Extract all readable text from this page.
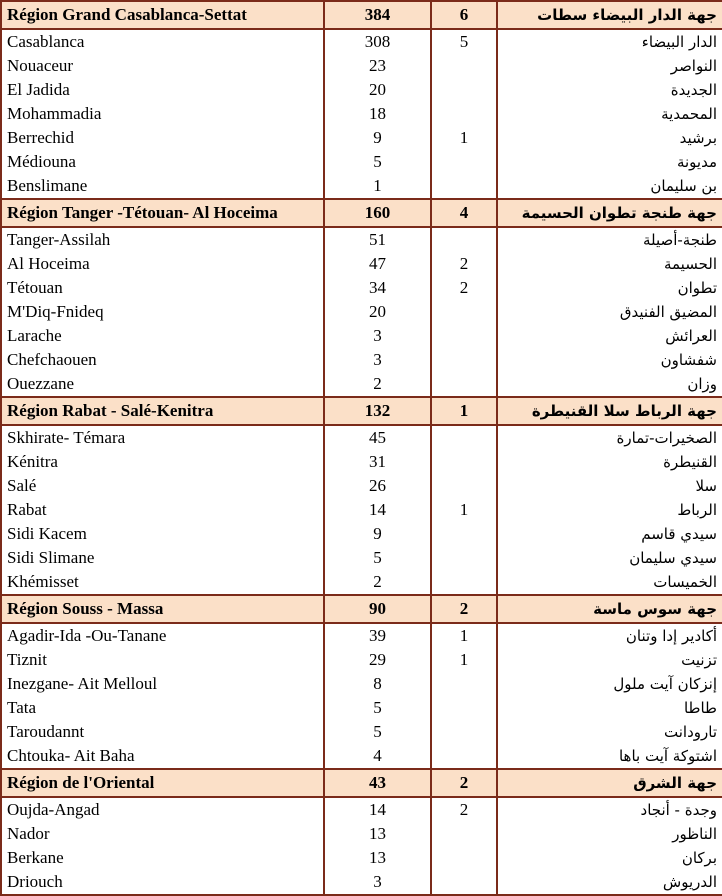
Région Grand Casablanca-Settat	384	6	جهة الدار البيضاء سطات
Casablanca	308	5	الدار البيضاء
Nouaceur	23		النواصر
El Jadida	20		الجديدة
Mohammadia	18		المحمدية
Berrechid	9	1	برشيد
Médiouna	5		مديونة
Benslimane	1		بن سليمان
Région Tanger -Tétouan- Al Hoceima	160	4	جهة طنجة تطوان الحسيمة
Tanger-Assilah	51		طنجة-أصيلة
Al Hoceima	47	2	الحسيمة
Tétouan	34	2	تطوان
M'Diq-Fnideq	20		المضيق الفنيدق
Larache	3		العرائش
Chefchaouen	3		شفشاون
Ouezzane	2		وزان
Région Rabat - Salé-Kenitra	132	1	جهة الرباط سلا القنيطرة
Skhirate- Témara	45		الصخيرات-تمارة
Kénitra	31		القنيطرة
Salé	26		سلا
Rabat	14	1	الرباط
Sidi Kacem	9		سيدي قاسم
Sidi Slimane	5		سيدي سليمان
Khémisset	2		الخميسات
Région Souss - Massa	90	2	جهة سوس ماسة
Agadir-Ida -Ou-Tanane	39	1	أكادير إدا وتنان
Tiznit	29	1	تزنيت
Inezgane- Ait Melloul	8		إنزكان آيت ملول
Tata	5		طاطا
Taroudannt	5		تارودانت
Chtouka- Ait Baha	4		اشتوكة آيت باها
Région de l'Oriental	43	2	جهة الشرق
Oujda-Angad	14	2	وجدة - أنجاد
Nador	13		الناظور
Berkane	13		بركان
Driouch	3		الدريوش
